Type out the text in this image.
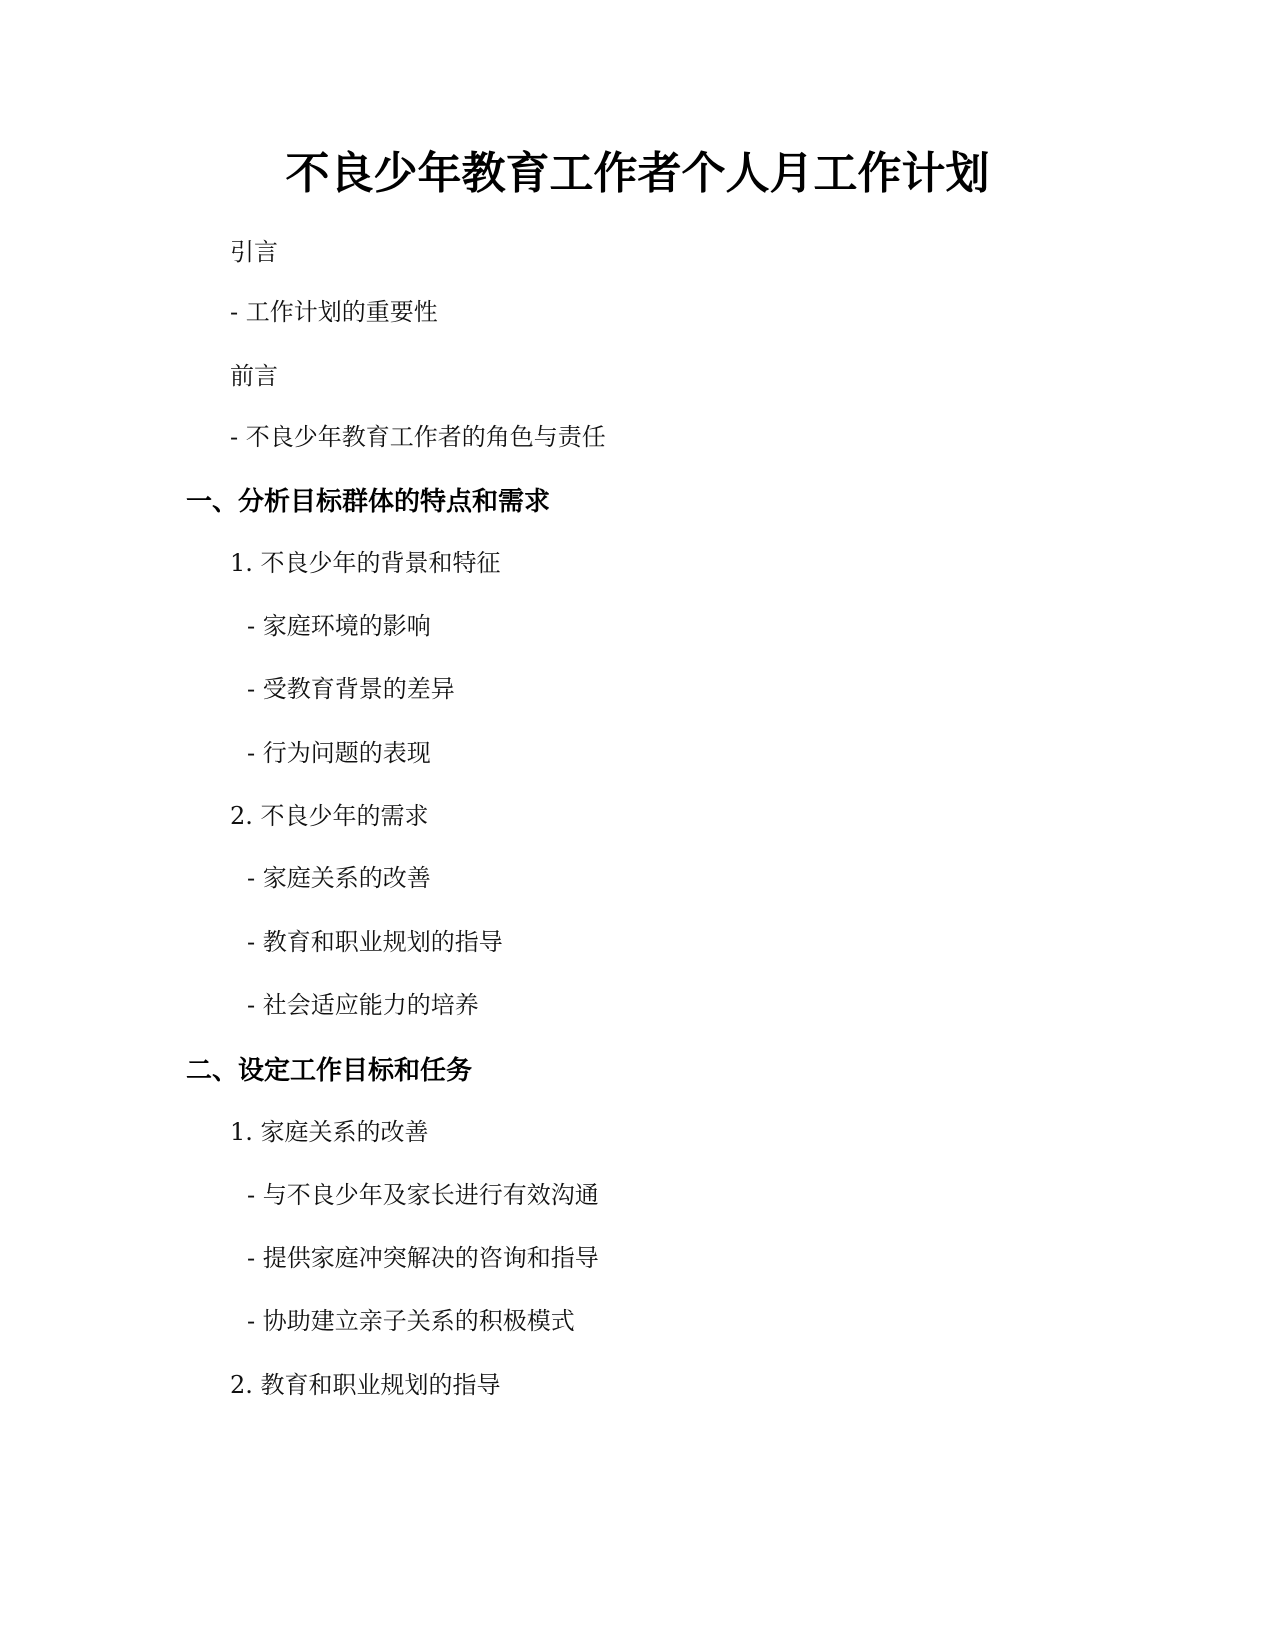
不良少年教育工作者个人月工作计划
引言
- 工作计划的重要性
前言
- 不良少年教育工作者的角色与责任
一、分析目标群体的特点和需求
1. 不良少年的背景和特征
- 家庭环境的影响
- 受教育背景的差异
- 行为问题的表现
2. 不良少年的需求
- 家庭关系的改善
- 教育和职业规划的指导
- 社会适应能力的培养
二、设定工作目标和任务
1. 家庭关系的改善
- 与不良少年及家长进行有效沟通
- 提供家庭冲突解决的咨询和指导
- 协助建立亲子关系的积极模式
2. 教育和职业规划的指导
